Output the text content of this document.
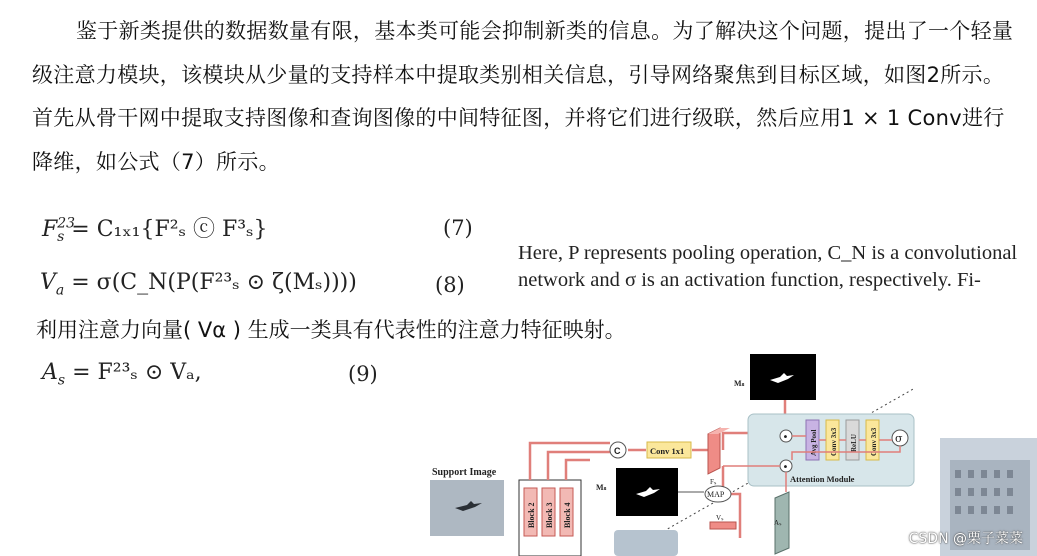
鉴于新类提供的数据数量有限，基本类可能会抑制新类的信息。为了解决这个问题，提出了一个轻量级注意力模块，该模块从少量的支持样本中提取类别相关信息，引导网络聚焦到目标区域，如图2所示。首先从骨干网中提取支持图像和查询图像的中间特征图，并将它们进行级联，然后应用1 × 1 Conv进行降维，如公式（7）所示。

$F^{23}_s = C_{1x1}\{F^2_s$ ⓒ F³ₛ}	(7)
$V_a$ = σ(C_N(P(F²³ₛ ⊙ ζ(Mₛ))))	(8)
Here, P represents pooling operation, C_N is a convolutional network and σ is an activation function, respectively. Fi-
利用注意力向量( Vα ) 生成一类具有代表性的注意力特征映射。
$A_s = F^{23}_s$ ⊙ Vₐ,	(9)
Support Image
Block 2 Block 3 Block 4
C	Conv 1x1
Fₛ
Mₛ
Mₛ
MAP
Vₛ
•
•
Avg Pool Conv 3x3 ReLU Conv 3x3 σ
Attention Module
Aₛ
CSDN @栗子菜菜
